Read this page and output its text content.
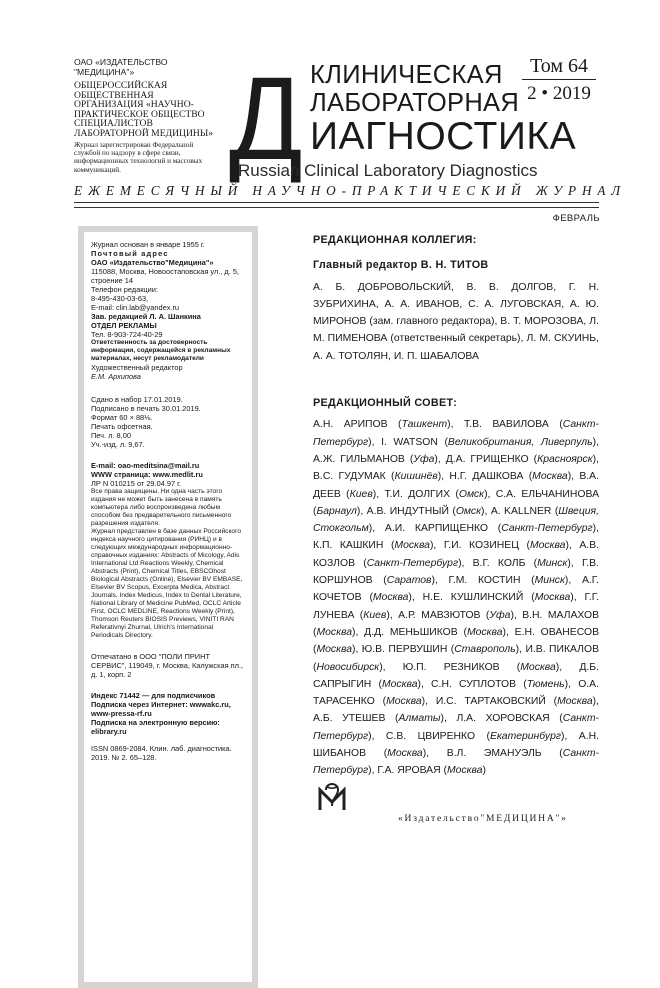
ОАО «ИЗДАТЕЛЬСТВО "МЕДИЦИНА"»
ОБЩЕРОССИЙСКАЯ ОБЩЕСТВЕННАЯ ОРГАНИЗАЦИЯ «НАУЧНО-ПРАКТИЧЕСКОЕ ОБЩЕСТВО СПЕЦИАЛИСТОВ ЛАБОРАТОРНОЙ МЕДИЦИНЫ»
Журнал зарегистрирован Федеральной службой по надзору в сфере связи, информационных технологий и массовых коммуникаций.
Том 64
2 • 2019
Д КЛИНИЧЕСКАЯ
ЛАБОРАТОРНАЯ
ИАГНОСТИКА
Russian Clinical Laboratory Diagnostics
ЕЖЕМЕСЯЧНЫЙ НАУЧНО-ПРАКТИЧЕСКИЙ ЖУРНАЛ
ФЕВРАЛЬ

Журнал основан в январе 1955 г.

Почтовый адрес

ОАО «Издательство"Медицина"»

115088, Москва, Новоостаповская ул., д. 5, строение 14

Телефон редакции:

8-495-430-03-63,

E-mail: clin.lab@yandex.ru

Зав. редакцией Л. А. Шанкина

ОТДЕЛ РЕКЛАМЫ

Тел. 8-903-724-40-29

Ответственность за достоверность информации, содержащейся в рекламных материалах, несут рекламодатели

Художественный редактор

Е.М. Архипова

Сдано в набор 17.01.2019.

Подписано в печать 30.01.2019.

Формат 60 × 88⅛.

Печать офсетная.

Печ. л. 8,00

Уч.-изд. л. 9,67.

E-mail: oao-meditsina@mail.ru

WWW страница: www.medlit.ru

ЛР N 010215 от 29.04.97 г.

Все права защищены. Ни одна часть этого издания не может быть занесена в память компьютера либо воспроизведена любым способом без предварительного письменного разрешения издателя.

Журнал представлен в базе данных Российского индекса научного цитирования (РИНЦ) и в следующих международных информационно-справочных изданиях: Abstracts of Micology, Adis International Ltd Reactions Weekly, Chemical Abstracts (Print), Chemical Titles, EBSCOhost Biological Abstracts (Online), Elsevier BV EMBASE, Elsevier BV Scopus, Excerpta Medica, Abstract Journals, Index Medicus, Index to Dental Literature, National Library of Medicine PubMed, OCLC Article First, OCLC MEDLINE, Reactions Weekly (Print), Thomson Reuters BIOSIS Previews, VINITI RAN Referativnyi Zhurnal, Ulrich's International Periodicals Directory.

Отпечатано в ООО "ПОЛИ ПРИНТ СЕРВИС", 119049, г. Москва, Калужская пл., д. 1, корп. 2

Индекс 71442 — для подписчиков

Подписка через Интернет: wwwakc.ru, www-pressa-rf.ru

Подписка на электронную версию: elibrary.ru

ISSN 0869-2084. Клин. лаб. диагностика. 2019. № 2. 65–128.

РЕДАКЦИОННАЯ КОЛЛЕГИЯ:
Главный редактор В. Н. ТИТОВ

А. Б. ДОБРОВОЛЬСКИЙ, В. В. ДОЛГОВ, Г. Н. ЗУБРИХИНА, А. А. ИВАНОВ, С. А. ЛУГОВСКАЯ, А. Ю. МИРОНОВ (зам. главного редактора), В. Т. МОРОЗОВА, Л. М. ПИМЕНОВА (ответственный секретарь), Л. М. СКУИНЬ, А. А. ТОТОЛЯН, И. П. ШАБАЛОВА

РЕДАКЦИОННЫЙ СОВЕТ:

А.Н. АРИПОВ (Ташкент), Т.В. ВАВИЛОВА (Санкт-Петербург), I. WATSON (Великобритания, Ливерпуль), А.Ж. ГИЛЬМАНОВ (Уфа), Д.А. ГРИЩЕНКО (Красноярск), В.С. ГУДУМАК (Кишинёв), Н.Г. ДАШКОВА (Москва), В.А. ДЕЕВ (Киев), Т.И. ДОЛГИХ (Омск), С.А. ЕЛЬЧАНИНОВА (Барнаул), А.В. ИНДУТНЫЙ (Омск), A. KALLNER (Швеция, Стокгольм), А.И. КАРПИЩЕНКО (Санкт-Петербург), К.П. КАШКИН (Москва), Г.И. КОЗИНЕЦ (Москва), А.В. КОЗЛОВ (Санкт-Петербург), В.Г. КОЛБ (Минск), Г.В. КОРШУНОВ (Саратов), Г.М. КОСТИН (Минск), А.Г. КОЧЕТОВ (Москва), Н.Е. КУШЛИНСКИЙ (Москва), Г.Г. ЛУНЕВА (Киев), А.Р. МАВЗЮТОВ (Уфа), В.Н. МАЛАХОВ (Москва), Д.Д. МЕНЬШИКОВ (Москва), Е.Н. ОВАНЕСОВ (Москва), Ю.В. ПЕРВУШИН (Ставрополь), И.В. ПИКАЛОВ (Новосибирск), Ю.П. РЕЗНИКОВ (Москва), Д.Б. САПРЫГИН (Москва), С.Н. СУПЛОТОВ (Тюмень), О.А. ТАРАСЕНКО (Москва), И.С. ТАРТАКОВСКИЙ (Москва), А.Б. УТЕШЕВ (Алматы), Л.А. ХОРОВСКАЯ (Санкт-Петербург), С.В. ЦВИРЕНКО (Екатеринбург), А.Н. ШИБАНОВ (Москва), В.Л. ЭМАНУЭЛЬ (Санкт-Петербург), Г.А. ЯРОВАЯ (Москва)

«Издательство"МЕДИЦИНА"»
